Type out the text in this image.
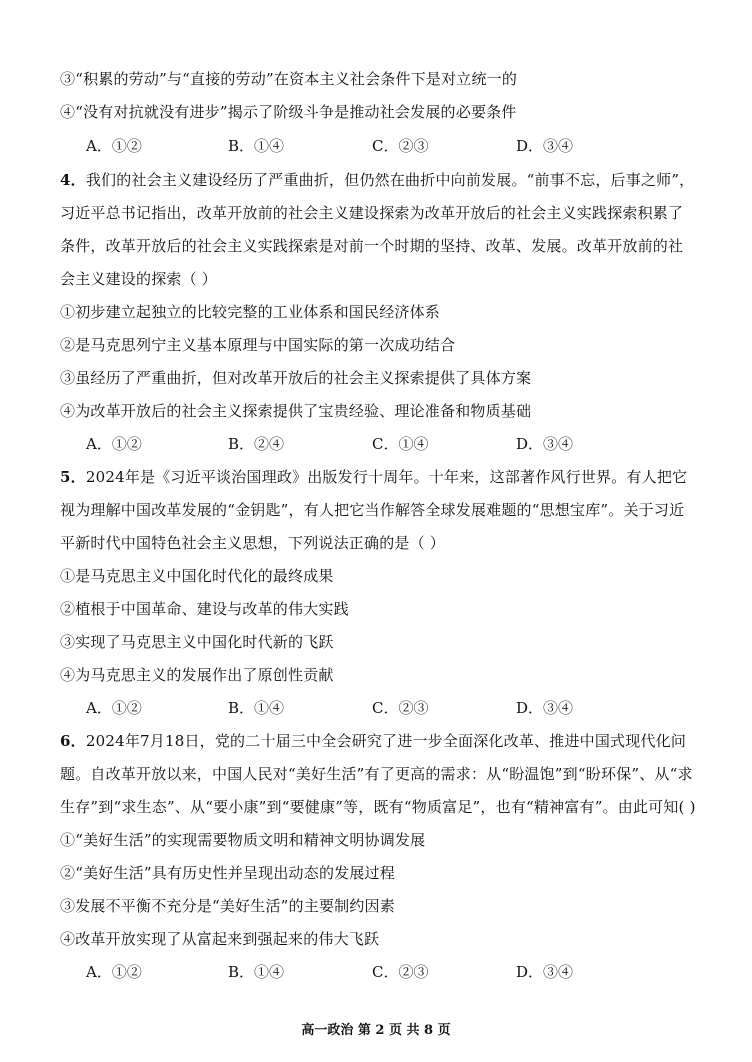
③“积累的劳动”与“直接的劳动”在资本主义社会条件下是对立统一的
④“没有对抗就没有进步”揭示了阶级斗争是推动社会发展的必要条件
A．①②	B．①④	C．②③	D．③④
4．我们的社会主义建设经历了严重曲折，但仍然在曲折中向前发展。“前事不忘，后事之师”，
习近平总书记指出，改革开放前的社会主义建设探索为改革开放后的社会主义实践探索积累了
条件，改革开放后的社会主义实践探索是对前一个时期的坚持、改革、发展。改革开放前的社
会主义建设的探索（ ）
①初步建立起独立的比较完整的工业体系和国民经济体系
②是马克思列宁主义基本原理与中国实际的第一次成功结合
③虽经历了严重曲折，但对改革开放后的社会主义探索提供了具体方案
④为改革开放后的社会主义探索提供了宝贵经验、理论准备和物质基础
A．①②	B．②④	C．①④	D．③④
5．2024年是《习近平谈治国理政》出版发行十周年。十年来，这部著作风行世界。有人把它
视为理解中国改革发展的“金钥匙”，有人把它当作解答全球发展难题的“思想宝库”。关于习近
平新时代中国特色社会主义思想，下列说法正确的是（ ）
①是马克思主义中国化时代化的最终成果
②植根于中国革命、建设与改革的伟大实践
③实现了马克思主义中国化时代新的飞跃
④为马克思主义的发展作出了原创性贡献
A．①②	B．①④	C．②③	D．③④
6．2024年7月18日，党的二十届三中全会研究了进一步全面深化改革、推进中国式现代化问
题。自改革开放以来，中国人民对“美好生活”有了更高的需求：从“盼温饱”到“盼环保”、从“求
生存”到“求生态”、从“要小康”到“要健康”等，既有“物质富足”，也有“精神富有”。由此可知( )
①“美好生活”的实现需要物质文明和精神文明协调发展
②“美好生活”具有历史性并呈现出动态的发展过程
③发展不平衡不充分是“美好生活”的主要制约因素
④改革开放实现了从富起来到强起来的伟大飞跃
A．①②	B．①④	C．②③	D．③④
高一政治 第 2 页 共 8 页
